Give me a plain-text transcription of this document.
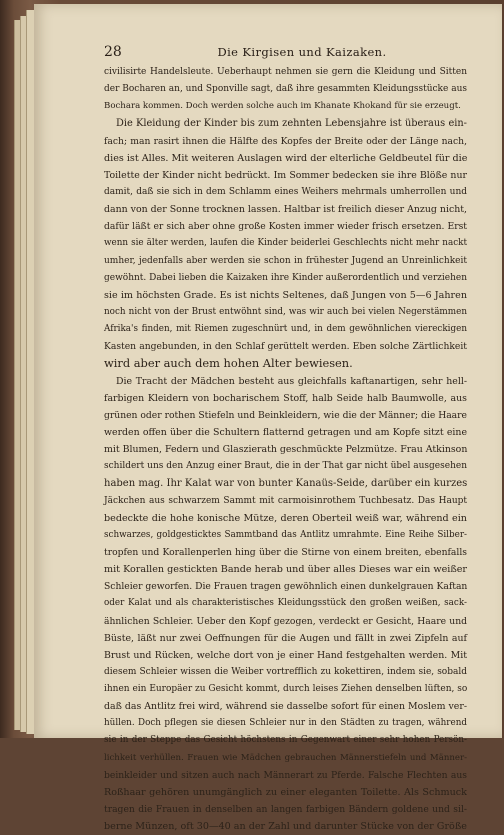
28	Die Kirgisen und Kaizaken.
civilisirte Handelsleute. Ueberhaupt nehmen sie gern die Kleidung und Sitten
der Bocharen an, und Sponville sagt, daß ihre gesammten Kleidungsstücke aus
Bochara kommen. Doch werden solche auch im Khanate Khokand für sie erzeugt.
Die Kleidung der Kinder bis zum zehnten Lebensjahre ist überaus ein-
fach; man rasirt ihnen die Hälfte des Kopfes der Breite oder der Länge nach,
dies ist Alles. Mit weiteren Auslagen wird der elterliche Geldbeutel für die
Toilette der Kinder nicht bedrückt. Im Sommer bedecken sie ihre Blöße nur
damit, daß sie sich in dem Schlamm eines Weihers mehrmals umherrollen und
dann von der Sonne trocknen lassen. Haltbar ist freilich dieser Anzug nicht,
dafür läßt er sich aber ohne große Kosten immer wieder frisch ersetzen. Erst
wenn sie älter werden, laufen die Kinder beiderlei Geschlechts nicht mehr nackt
umher, jedenfalls aber werden sie schon in frühester Jugend an Unreinlichkeit
gewöhnt. Dabei lieben die Kaizaken ihre Kinder außerordentlich und verziehen
sie im höchsten Grade. Es ist nichts Seltenes, daß Jungen von 5—6 Jahren
noch nicht von der Brust entwöhnt sind, was wir auch bei vielen Negerstämmen
Afrika's finden, mit Riemen zugeschnürt und, in dem gewöhnlichen viereckigen
Kasten angebunden, in den Schlaf gerüttelt werden. Eben solche Zärtlichkeit
wird aber auch dem hohen Alter bewiesen.
Die Tracht der Mädchen besteht aus gleichfalls kaftanartigen, sehr hell-
farbigen Kleidern von bocharischem Stoff, halb Seide halb Baumwolle, aus
grünen oder rothen Stiefeln und Beinkleidern, wie die der Männer; die Haare
werden offen über die Schultern flatternd getragen und am Kopfe sitzt eine
mit Blumen, Federn und Glaszierath geschmückte Pelzmütze. Frau Atkinson
schildert uns den Anzug einer Braut, die in der That gar nicht übel ausgesehen
haben mag. Ihr Kalat war von bunter Kanaüs-Seide, darüber ein kurzes
Jäckchen aus schwarzem Sammt mit carmoisinrothem Tuchbesatz. Das Haupt
bedeckte die hohe konische Mütze, deren Oberteil weiß war, während ein
schwarzes, goldgesticktes Sammtband das Antlitz umrahmte. Eine Reihe Silber-
tropfen und Korallenperlen hing über die Stirne von einem breiten, ebenfalls
mit Korallen gestickten Bande herab und über alles Dieses war ein weißer
Schleier geworfen. Die Frauen tragen gewöhnlich einen dunkelgrauen Kaftan
oder Kalat und als charakteristisches Kleidungsstück den großen weißen, sack-
ähnlichen Schleier. Ueber den Kopf gezogen, verdeckt er Gesicht, Haare und
Büste, läßt nur zwei Oeffnungen für die Augen und fällt in zwei Zipfeln auf
Brust und Rücken, welche dort von je einer Hand festgehalten werden. Mit
diesem Schleier wissen die Weiber vortrefflich zu kokettiren, indem sie, sobald
ihnen ein Europäer zu Gesicht kommt, durch leises Ziehen denselben lüften, so
daß das Antlitz frei wird, während sie dasselbe sofort für einen Moslem ver-
hüllen. Doch pflegen sie diesen Schleier nur in den Städten zu tragen, während
sie in der Steppe das Gesicht höchstens in Gegenwart einer sehr hohen Persön-
lichkeit verhüllen. Frauen wie Mädchen gebrauchen Männerstiefeln und Männer-
beinkleider und sitzen auch nach Männerart zu Pferde. Falsche Flechten aus
Roßhaar gehören unumgänglich zu einer eleganten Toilette. Als Schmuck
tragen die Frauen in denselben an langen farbigen Bändern goldene und sil-
berne Münzen, oft 30—40 an der Zahl und darunter Stücke von der Größe
